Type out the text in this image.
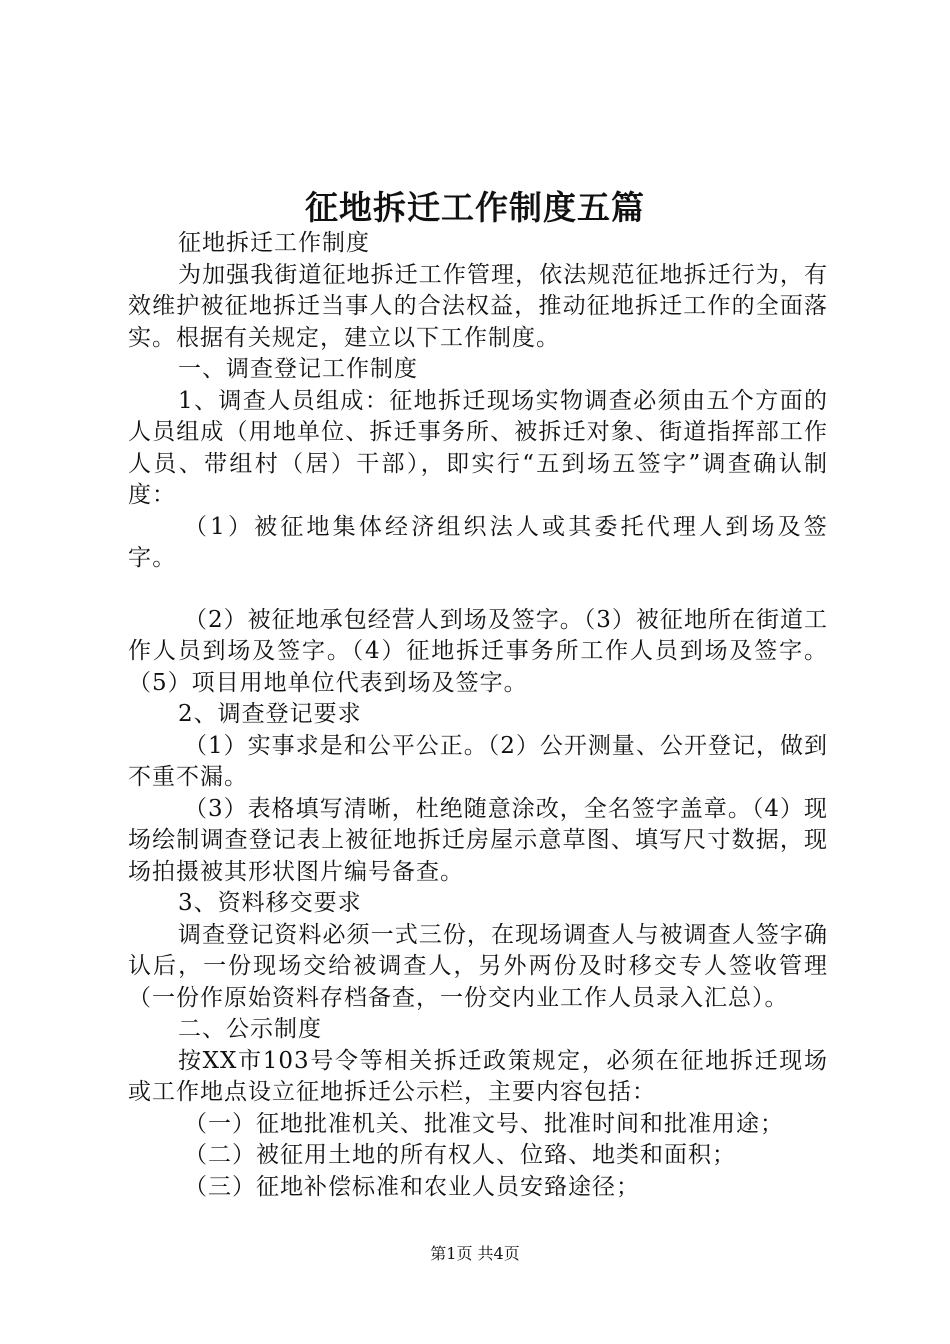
征地拆迁工作制度五篇

征地拆迁工作制度

为加强我街道征地拆迁工作管理，依法规范征地拆迁行为，有效维护被征地拆迁当事人的合法权益，推动征地拆迁工作的全面落实。根据有关规定，建立以下工作制度。

一、调查登记工作制度

1、调查人员组成：征地拆迁现场实物调查必须由五个方面的人员组成（用地单位、拆迁事务所、被拆迁对象、街道指挥部工作人员、带组村（居）干部），即实行“五到场五签字”调查确认制度：

（1）被征地集体经济组织法人或其委托代理人到场及签字。

（2）被征地承包经营人到场及签字。（3）被征地所在街道工作人员到场及签字。（4）征地拆迁事务所工作人员到场及签字。（5）项目用地单位代表到场及签字。

2、调查登记要求

（1）实事求是和公平公正。（2）公开测量、公开登记，做到不重不漏。

（3）表格填写清晰，杜绝随意涂改，全名签字盖章。（4）现场绘制调查登记表上被征地拆迁房屋示意草图、填写尺寸数据，现场拍摄被其形状图片编号备查。

3、资料移交要求

调查登记资料必须一式三份，在现场调查人与被调查人签字确认后，一份现场交给被调查人，另外两份及时移交专人签收管理（一份作原始资料存档备查，一份交内业工作人员录入汇总）。

二、公示制度

按XX市103号令等相关拆迁政策规定，必须在征地拆迁现场或工作地点设立征地拆迁公示栏，主要内容包括：

（一）征地批准机关、批准文号、批准时间和批准用途；

（二）被征用土地的所有权人、位臵、地类和面积；

（三）征地补偿标准和农业人员安臵途径；

第1页 共4页
